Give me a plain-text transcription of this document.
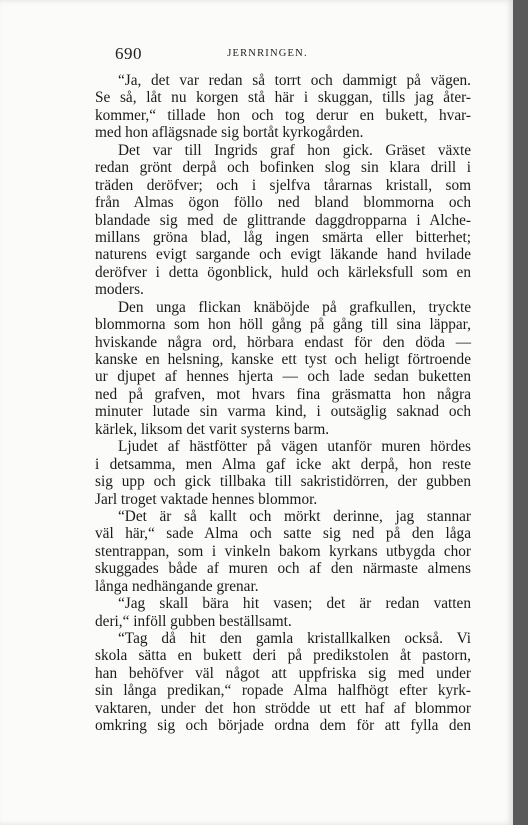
690	JERNRINGEN.
“Ja, det var redan så torrt och dammigt på vägen.
Se så, låt nu korgen stå här i skuggan, tills jag åter-
kommer,“ tillade hon och tog derur en bukett, hvar-
med hon aflägsnade sig bortåt kyrkogården.
Det var till Ingrids graf hon gick. Gräset växte
redan grönt derpå och bofinken slog sin klara drill i
träden deröfver; och i sjelfva tårarnas kristall, som
från Almas ögon föllo ned bland blommorna och
blandade sig med de glittrande daggdropparna i Alche-
millans gröna blad, låg ingen smärta eller bitterhet;
naturens evigt sargande och evigt läkande hand hvilade
deröfver i detta ögonblick, huld och kärleksfull som en
moders.
Den unga flickan knäböjde på grafkullen, tryckte
blommorna som hon höll gång på gång till sina läppar,
hviskande några ord, hörbara endast för den döda —
kanske en helsning, kanske ett tyst och heligt förtroende
ur djupet af hennes hjerta — och lade sedan buketten
ned på grafven, mot hvars fina gräsmatta hon några
minuter lutade sin varma kind, i outsäglig saknad och
kärlek, liksom det varit systerns barm.
Ljudet af hästfötter på vägen utanför muren hördes
i detsamma, men Alma gaf icke akt derpå, hon reste
sig upp och gick tillbaka till sakristidörren, der gubben
Jarl troget vaktade hennes blommor.
“Det är så kallt och mörkt derinne, jag stannar
väl här,“ sade Alma och satte sig ned på den låga
stentrappan, som i vinkeln bakom kyrkans utbygda chor
skuggades både af muren och af den närmaste almens
långa nedhängande grenar.
“Jag skall bära hit vasen; det är redan vatten
deri,“ inföll gubben beställsamt.
“Tag då hit den gamla kristallkalken också. Vi
skola sätta en bukett deri på predikstolen åt pastorn,
han behöfver väl något att uppfriska sig med under
sin långa predikan,“ ropade Alma halfhögt efter kyrk-
vaktaren, under det hon strödde ut ett haf af blommor
omkring sig och började ordna dem för att fylla den
